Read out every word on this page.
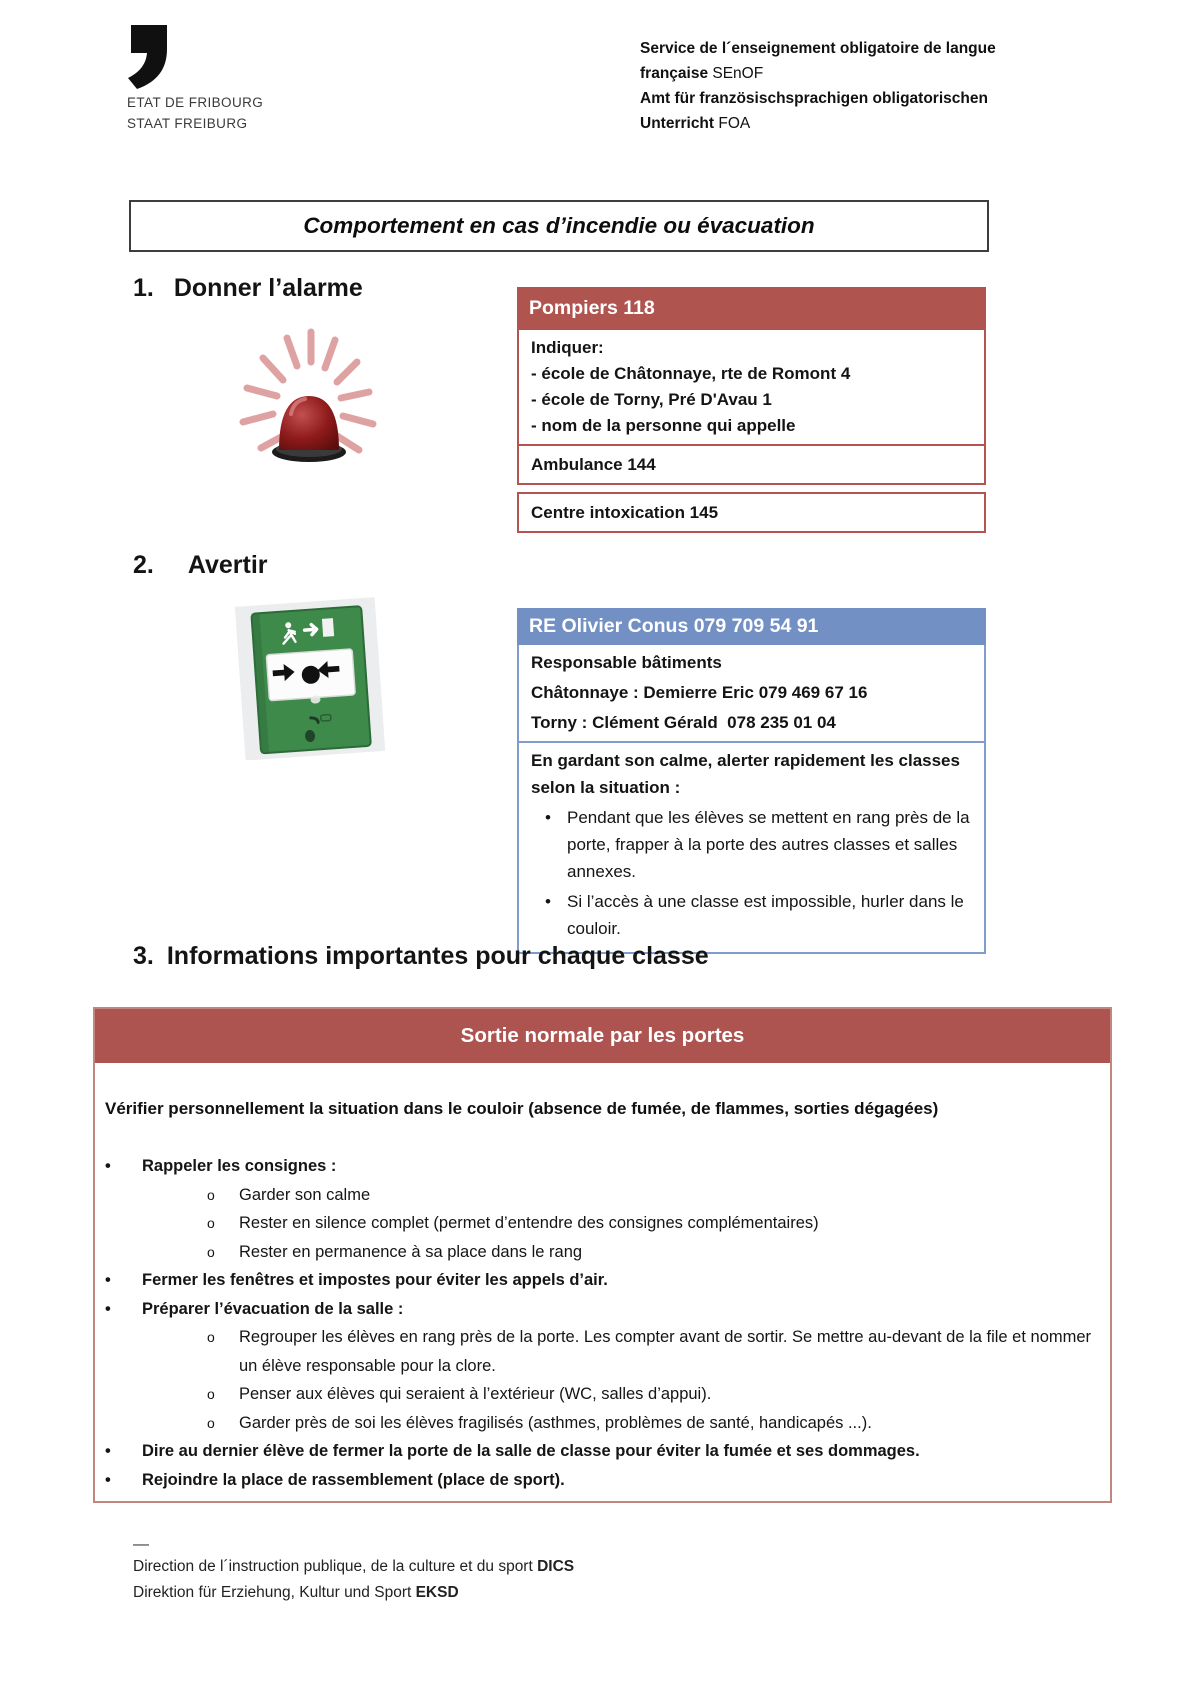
ETAT DE FRIBOURG
STAAT FREIBURG
Service de l´enseignement obligatoire de langue
française SEnOF
Amt für französischsprachigen obligatorischen
Unterricht FOA
Comportement en cas d’incendie ou évacuation
1. Donner l’alarme
Pompiers 118
Indiquer:
- école de Châtonnaye, rte de Romont 4
- école de Torny, Pré D'Avau 1
- nom de la personne qui appelle
Ambulance 144
Centre intoxication 145
2. Avertir
RE Olivier Conus 079 709 54 91
Responsable bâtiments
Châtonnaye : Demierre Eric 079 469 67 16
Torny : Clément Gérald  078 235 01 04
En gardant son calme, alerter rapidement les classes selon la situation :
• Pendant que les élèves se mettent en rang près de la porte, frapper à la porte des autres classes et salles annexes.
• Si l’accès à une classe est impossible, hurler dans le couloir.
3. Informations importantes pour chaque classe
Sortie normale par les portes
Vérifier personnellement la situation dans le couloir (absence de fumée, de flammes, sorties dégagées)
• Rappeler les consignes :
o Garder son calme
o Rester en silence complet (permet d’entendre des consignes complémentaires)
o Rester en permanence à sa place dans le rang
• Fermer les fenêtres et impostes pour éviter les appels d’air.
• Préparer l’évacuation de la salle :
o Regrouper les élèves en rang près de la porte. Les compter avant de sortir. Se mettre au-devant de la file et nommer un élève responsable pour la clore.
o Penser aux élèves qui seraient à l’extérieur (WC, salles d’appui).
o Garder près de soi les élèves fragilisés (asthmes, problèmes de santé, handicapés ...).
• Dire au dernier élève de fermer la porte de la salle de classe pour éviter la fumée et ses dommages.
• Rejoindre la place de rassemblement (place de sport).
—
Direction de l´instruction publique, de la culture et du sport DICS
Direktion für Erziehung, Kultur und Sport EKSD
